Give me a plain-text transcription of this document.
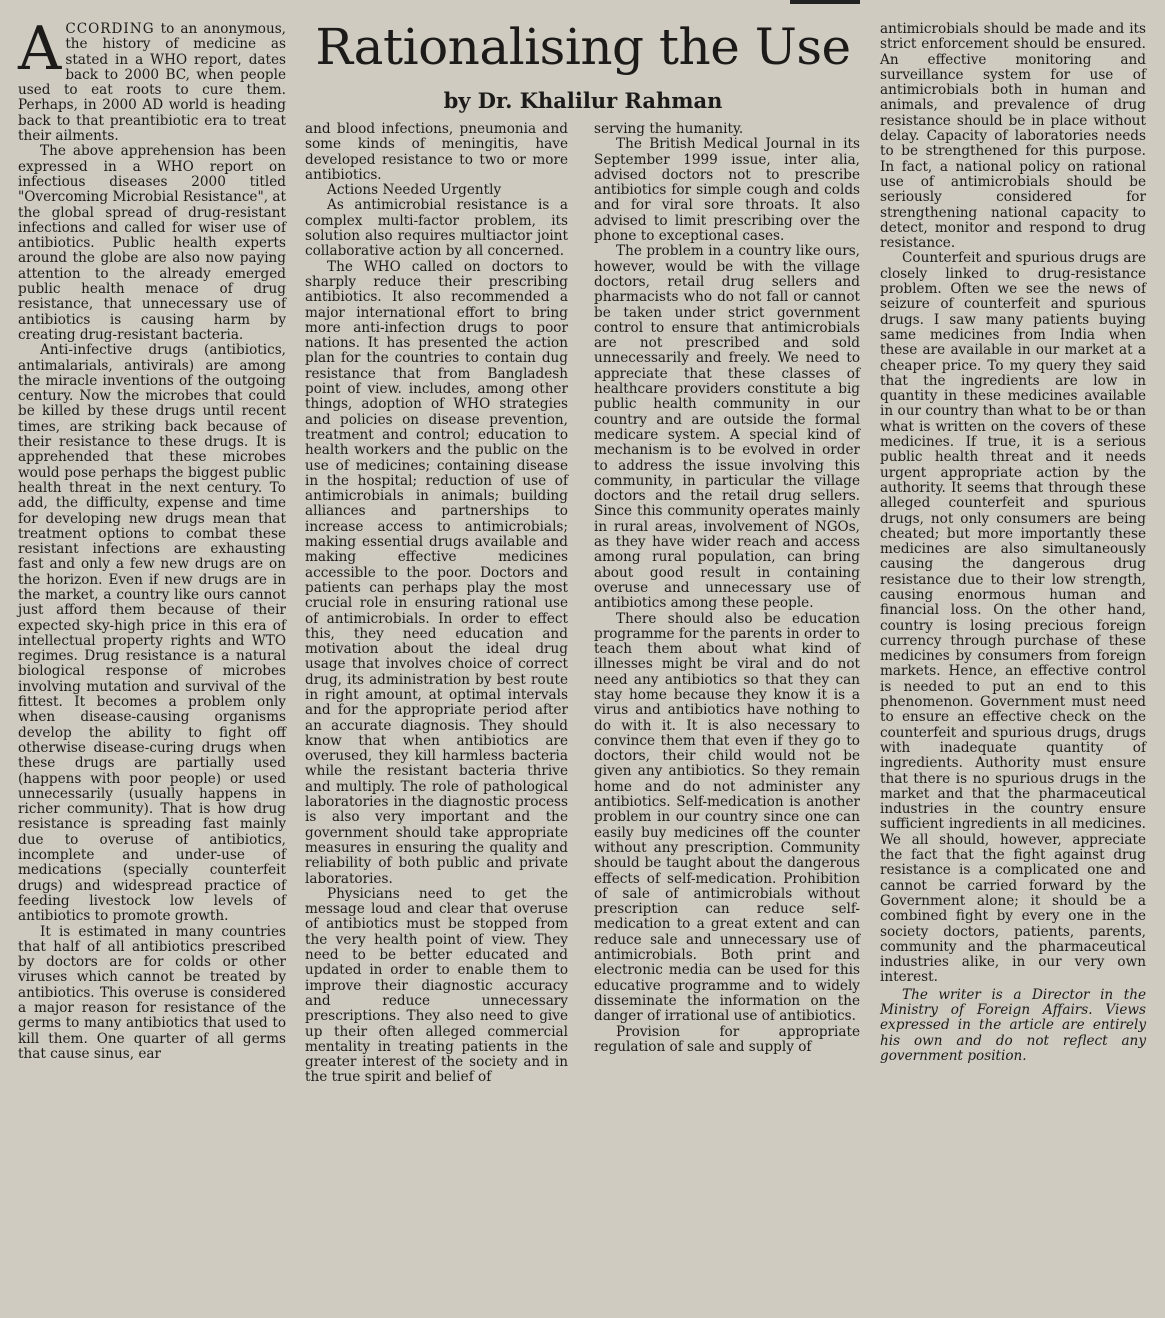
Rationalising the Use
by Dr. Khalilur Rahman

ACCORDING to an anonymous, the history of medicine as stated in a WHO report, dates back to 2000 BC, when people used to eat roots to cure them. Perhaps, in 2000 AD world is heading back to that preantibiotic era to treat their ailments.

The above apprehension has been expressed in a WHO report on infectious diseases 2000 titled "Overcoming Microbial Resistance", at the global spread of drug-resistant infections and called for wiser use of antibiotics. Public health experts around the globe are also now paying attention to the already emerged public health menace of drug resistance, that unnecessary use of antibiotics is causing harm by creating drug-resistant bacteria.

Anti-infective drugs (antibiotics, antimalarials, antivirals) are among the miracle inventions of the outgoing century. Now the microbes that could be killed by these drugs until recent times, are striking back because of their resistance to these drugs. It is apprehended that these microbes would pose perhaps the biggest public health threat in the next century. To add, the difficulty, expense and time for developing new drugs mean that treatment options to combat these resistant infections are exhausting fast and only a few new drugs are on the horizon. Even if new drugs are in the market, a country like ours cannot just afford them because of their expected sky-high price in this era of intellectual property rights and WTO regimes. Drug resistance is a natural biological response of microbes involving mutation and survival of the fittest. It becomes a problem only when disease-causing organisms develop the ability to fight off otherwise disease-curing drugs when these drugs are partially used (happens with poor people) or used unnecessarily (usually happens in richer community). That is how drug resistance is spreading fast mainly due to overuse of antibiotics, incomplete and under-use of medications (specially counterfeit drugs) and widespread practice of feeding livestock low levels of antibiotics to promote growth.

It is estimated in many countries that half of all antibiotics prescribed by doctors are for colds or other viruses which cannot be treated by antibiotics. This overuse is considered a major reason for resistance of the germs to many antibiotics that used to kill them. One quarter of all germs that cause sinus, ear

and blood infections, pneumonia and some kinds of meningitis, have developed resistance to two or more antibiotics.

Actions Needed Urgently

As antimicrobial resistance is a complex multi-factor problem, its solution also requires multiactor joint collaborative action by all concerned.

The WHO called on doctors to sharply reduce their prescribing antibiotics. It also recommended a major international effort to bring more anti-infection drugs to poor nations. It has presented the action plan for the countries to contain dug resistance that from Bangladesh point of view. includes, among other things, adoption of WHO strategies and policies on disease prevention, treatment and control; education to health workers and the public on the use of medicines; containing disease in the hospital; reduction of use of antimicrobials in animals; building alliances and partnerships to increase access to antimicrobials; making essential drugs available and making effective medicines accessible to the poor. Doctors and patients can perhaps play the most crucial role in ensuring rational use of antimicrobials. In order to effect this, they need education and motivation about the ideal drug usage that involves choice of correct drug, its administration by best route in right amount, at optimal intervals and for the appropriate period after an accurate diagnosis. They should know that when antibiotics are overused, they kill harmless bacteria while the resistant bacteria thrive and multiply. The role of pathological laboratories in the diagnostic process is also very important and the government should take appropriate measures in ensuring the quality and reliability of both public and private laboratories.

Physicians need to get the message loud and clear that overuse of antibiotics must be stopped from the very health point of view. They need to be better educated and updated in order to enable them to improve their diagnostic accuracy and reduce unnecessary prescriptions. They also need to give up their often alleged commercial mentality in treating patients in the greater interest of the society and in the true spirit and belief of

serving the humanity.

The British Medical Journal in its September 1999 issue, inter alia, advised doctors not to prescribe antibiotics for simple cough and colds and for viral sore throats. It also advised to limit prescribing over the phone to exceptional cases.

The problem in a country like ours, however, would be with the village doctors, retail drug sellers and pharmacists who do not fall or cannot be taken under strict government control to ensure that antimicrobials are not prescribed and sold unnecessarily and freely. We need to appreciate that these classes of healthcare providers constitute a big public health community in our country and are outside the formal medicare system. A special kind of mechanism is to be evolved in order to address the issue involving this community, in particular the village doctors and the retail drug sellers. Since this community operates mainly in rural areas, involvement of NGOs, as they have wider reach and access among rural population, can bring about good result in containing overuse and unnecessary use of antibiotics among these people.

There should also be education programme for the parents in order to teach them about what kind of illnesses might be viral and do not need any antibiotics so that they can stay home because they know it is a virus and antibiotics have nothing to do with it. It is also necessary to convince them that even if they go to doctors, their child would not be given any antibiotics. So they remain home and do not administer any antibiotics. Self-medication is another problem in our country since one can easily buy medicines off the counter without any prescription. Community should be taught about the dangerous effects of self-medication. Prohibition of sale of antimicrobials without prescription can reduce self-medication to a great extent and can reduce sale and unnecessary use of antimicrobials. Both print and electronic media can be used for this educative programme and to widely disseminate the information on the danger of irrational use of antibiotics.

Provision for appropriate regulation of sale and supply of

antimicrobials should be made and its strict enforcement should be ensured. An effective monitoring and surveillance system for use of antimicrobials both in human and animals, and prevalence of drug resistance should be in place without delay. Capacity of laboratories needs to be strengthened for this purpose. In fact, a national policy on rational use of antimicrobials should be seriously considered for strengthening national capacity to detect, monitor and respond to drug resistance.

Counterfeit and spurious drugs are closely linked to drug-resistance problem. Often we see the news of seizure of counterfeit and spurious drugs. I saw many patients buying same medicines from India when these are available in our market at a cheaper price. To my query they said that the ingredients are low in quantity in these medicines available in our country than what to be or than what is written on the covers of these medicines. If true, it is a serious public health threat and it needs urgent appropriate action by the authority. It seems that through these alleged counterfeit and spurious drugs, not only consumers are being cheated; but more importantly these medicines are also simultaneously causing the dangerous drug resistance due to their low strength, causing enormous human and financial loss. On the other hand, country is losing precious foreign currency through purchase of these medicines by consumers from foreign markets. Hence, an effective control is needed to put an end to this phenomenon. Government must need to ensure an effective check on the counterfeit and spurious drugs, drugs with inadequate quantity of ingredients. Authority must ensure that there is no spurious drugs in the market and that the pharmaceutical industries in the country ensure sufficient ingredients in all medicines. We all should, however, appreciate the fact that the fight against drug resistance is a complicated one and cannot be carried forward by the Government alone; it should be a combined fight by every one in the society doctors, patients, parents, community and the pharmaceutical industries alike, in our very own interest.

The writer is a Director in the Ministry of Foreign Affairs. Views expressed in the article are entirely his own and do not reflect any government position.
